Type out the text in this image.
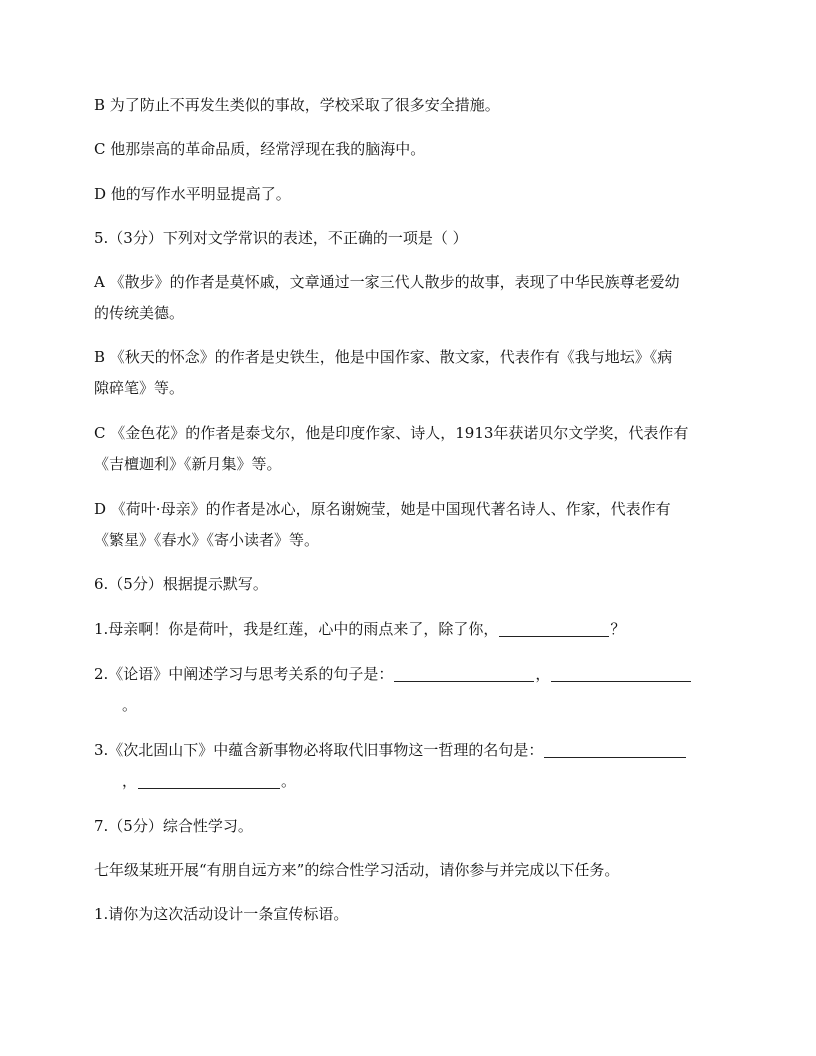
B 为了防止不再发生类似的事故，学校采取了很多安全措施。
C 他那崇高的革命品质，经常浮现在我的脑海中。
D 他的写作水平明显提高了。
5.（3分）下列对文学常识的表述，不正确的一项是（ ）
A 《散步》的作者是莫怀戚，文章通过一家三代人散步的故事，表现了中华民族尊老爱幼
的传统美德。
B 《秋天的怀念》的作者是史铁生，他是中国作家、散文家，代表作有《我与地坛》《病
隙碎笔》等。
C 《金色花》的作者是泰戈尔，他是印度作家、诗人，1913年获诺贝尔文学奖，代表作有
《吉檀迦利》《新月集》等。
D 《荷叶·母亲》的作者是冰心，原名谢婉莹，她是中国现代著名诗人、作家，代表作有
《繁星》《春水》《寄小读者》等。
6.（5分）根据提示默写。
1.母亲啊！你是荷叶，我是红莲，心中的雨点来了，除了你，	？
2.《论语》中阐述学习与思考关系的句子是：	，
。
3.《次北固山下》中蕴含新事物必将取代旧事物这一哲理的名句是：
，	。
7.（5分）综合性学习。
七年级某班开展“有朋自远方来”的综合性学习活动，请你参与并完成以下任务。
1.请你为这次活动设计一条宣传标语。
